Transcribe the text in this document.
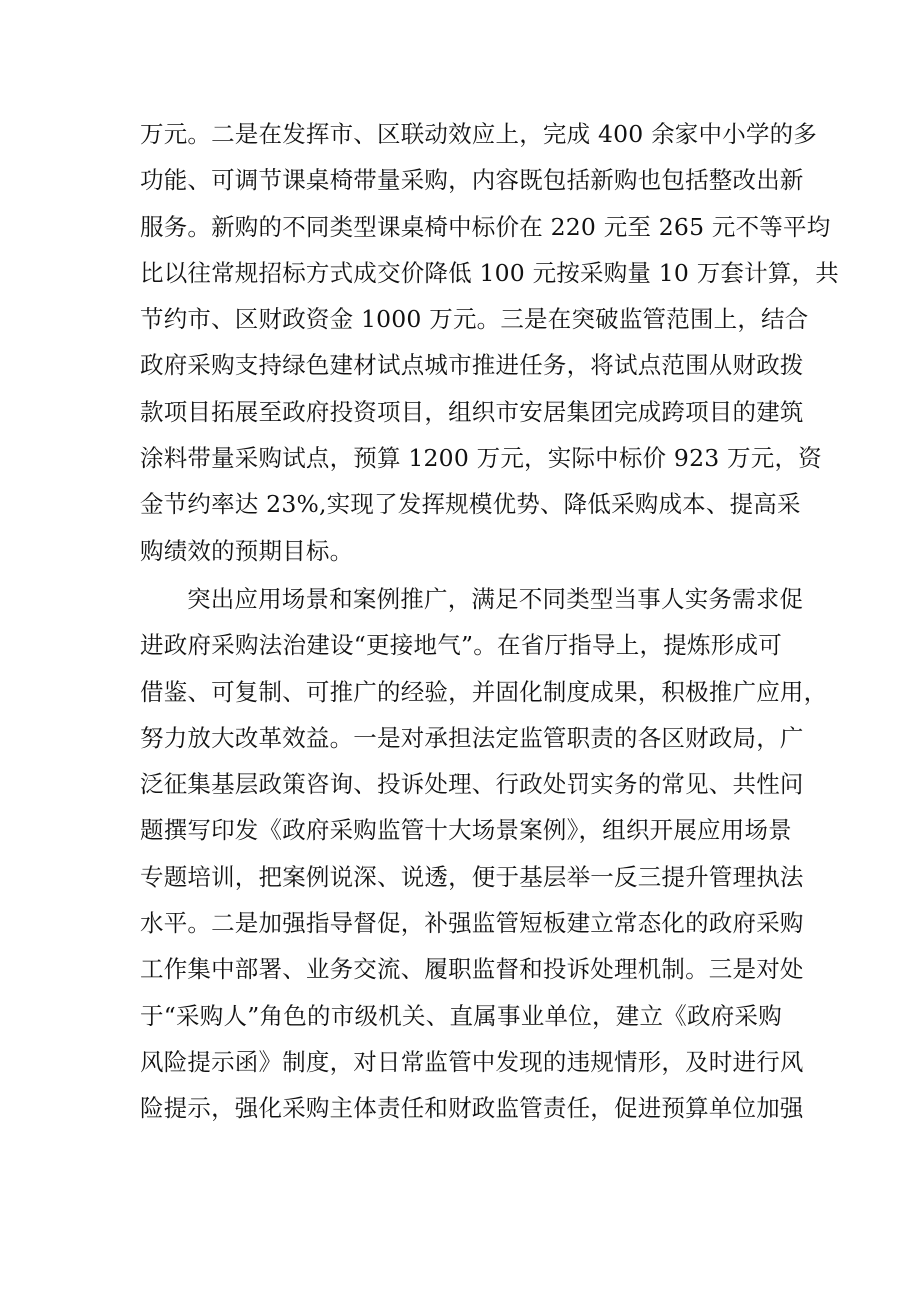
万元。二是在发挥市、区联动效应上，完成 400 余家中小学的多
功能、可调节课桌椅带量采购，内容既包括新购也包括整改出新
服务。新购的不同类型课桌椅中标价在 220 元至 265 元不等平均
比以往常规招标方式成交价降低 100 元按采购量 10 万套计算，共
节约市、区财政资金 1000 万元。三是在突破监管范围上，结合
政府采购支持绿色建材试点城市推进任务，将试点范围从财政拨
款项目拓展至政府投资项目，组织市安居集团完成跨项目的建筑
涂料带量采购试点，预算 1200 万元，实际中标价 923 万元，资
金节约率达 23%,实现了发挥规模优势、降低采购成本、提高采
购绩效的预期目标。
突出应用场景和案例推广，满足不同类型当事人实务需求促
进政府采购法治建设“更接地气”。在省厅指导上，提炼形成可
借鉴、可复制、可推广的经验，并固化制度成果，积极推广应用，
努力放大改革效益。一是对承担法定监管职责的各区财政局，广
泛征集基层政策咨询、投诉处理、行政处罚实务的常见、共性问
题撰写印发《政府采购监管十大场景案例》，组织开展应用场景
专题培训，把案例说深、说透，便于基层举一反三提升管理执法
水平。二是加强指导督促，补强监管短板建立常态化的政府采购
工作集中部署、业务交流、履职监督和投诉处理机制。三是对处
于“采购人”角色的市级机关、直属事业单位，建立《政府采购
风险提示函》制度，对日常监管中发现的违规情形，及时进行风
险提示，强化采购主体责任和财政监管责任，促进预算单位加强
